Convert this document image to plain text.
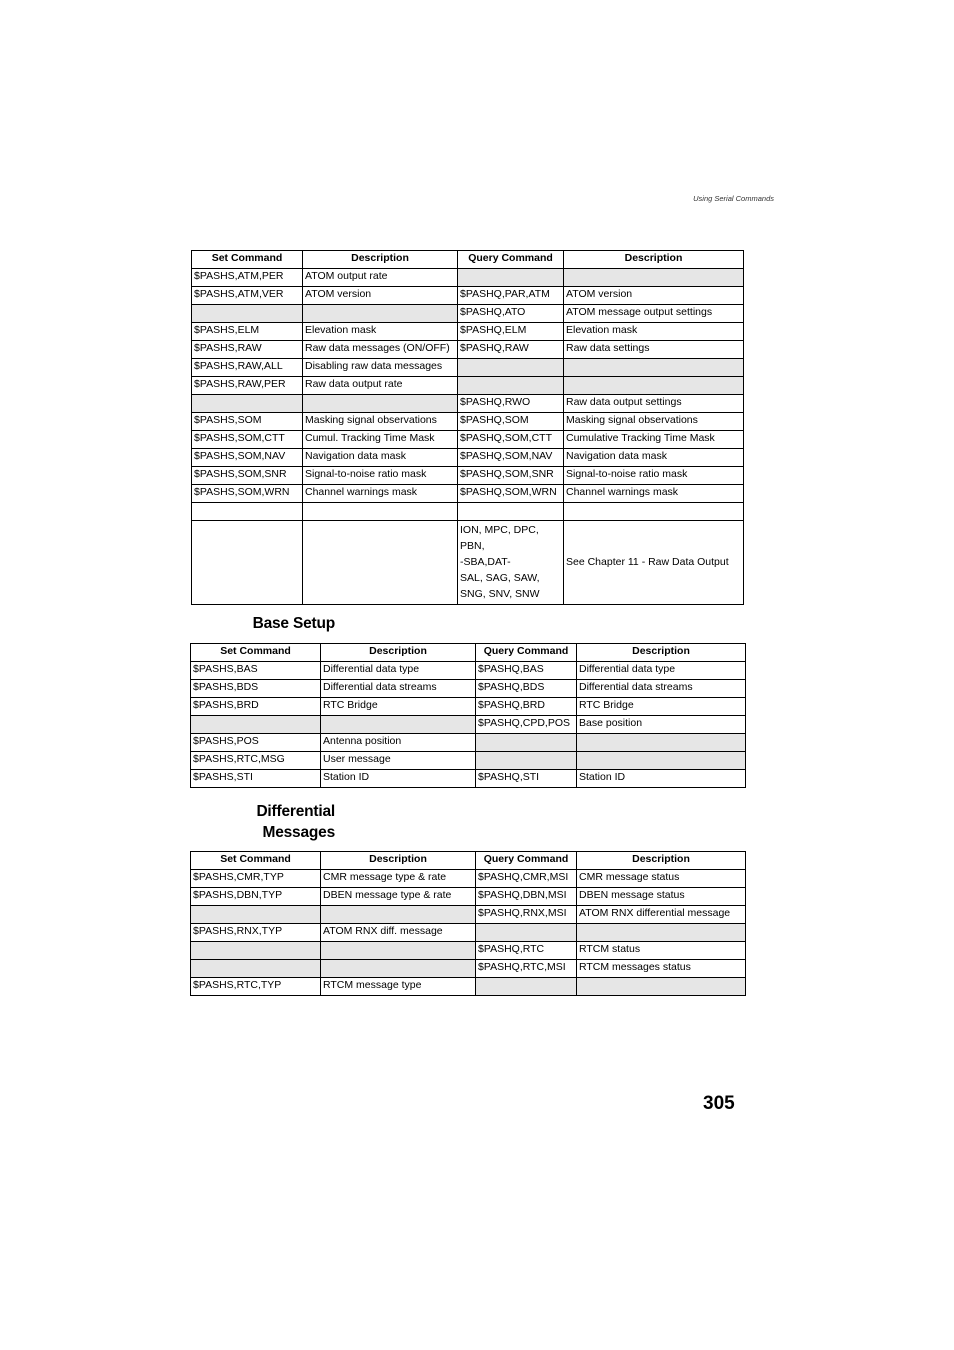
Using Serial Commands
Set Command	Description	Query Command	Description
$PASHS,ATM,PER	ATOM output rate		
$PASHS,ATM,VER	ATOM version	$PASHQ,PAR,ATM	ATOM version
		$PASHQ,ATO	ATOM message output settings
$PASHS,ELM	Elevation mask	$PASHQ,ELM	Elevation mask
$PASHS,RAW	Raw data messages (ON/OFF)	$PASHQ,RAW	Raw data settings
$PASHS,RAW,ALL	Disabling raw data messages		
$PASHS,RAW,PER	Raw data output rate		
		$PASHQ,RWO	Raw data output settings
$PASHS,SOM	Masking signal observations	$PASHQ,SOM	Masking signal observations
$PASHS,SOM,CTT	Cumul. Tracking Time Mask	$PASHQ,SOM,CTT	Cumulative Tracking Time Mask
$PASHS,SOM,NAV	Navigation data mask	$PASHQ,SOM,NAV	Navigation data mask
$PASHS,SOM,SNR	Signal-to-noise ratio mask	$PASHQ,SOM,SNR	Signal-to-noise ratio mask
$PASHS,SOM,WRN	Channel warnings mask	$PASHQ,SOM,WRN	Channel warnings mask

		ION, MPC, DPC,
PBN,
-SBA,DAT-
SAL, SAG, SAW,
SNG, SNV, SNW	See Chapter 11 - Raw Data Output
Base Setup
Set Command	Description	Query Command	Description
$PASHS,BAS	Differential data type	$PASHQ,BAS	Differential data type
$PASHS,BDS	Differential data streams	$PASHQ,BDS	Differential data streams
$PASHS,BRD	RTC Bridge	$PASHQ,BRD	RTC Bridge
		$PASHQ,CPD,POS	Base position
$PASHS,POS	Antenna position		
$PASHS,RTC,MSG	User message		
$PASHS,STI	Station ID	$PASHQ,STI	Station ID
Differential
Messages
Set Command	Description	Query Command	Description
$PASHS,CMR,TYP	CMR message type & rate	$PASHQ,CMR,MSI	CMR message status
$PASHS,DBN,TYP	DBEN message type & rate	$PASHQ,DBN,MSI	DBEN message status
		$PASHQ,RNX,MSI	ATOM RNX differential message
$PASHS,RNX,TYP	ATOM RNX diff. message		
		$PASHQ,RTC	RTCM status
		$PASHQ,RTC,MSI	RTCM messages status
$PASHS,RTC,TYP	RTCM message type		
305
